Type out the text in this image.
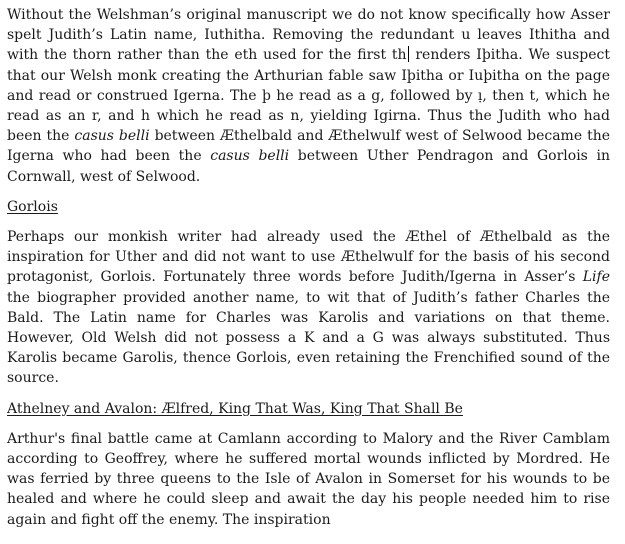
Without the Welshman’s original manuscript we do not know specifically how Asser spelt Judith’s Latin name, Iuthitha. Removing the redundant u leaves Ithitha and with the thorn rather than the eth used for the first th renders Iþitha. We suspect that our Welsh monk creating the Arthurian fable saw Iþitha or Iuþitha on the page and read or construed Igerna. The þ he read as a g, followed by ı̣, then t, which he read as an r, and h which he read as n, yielding Igirna. Thus the Judith who had been the casus belli between Æthelbald and Æthelwulf west of Selwood became the Igerna who had been the casus belli between Uther Pendragon and Gorlois in Cornwall, west of Selwood.

Gorlois

Perhaps our monkish writer had already used the Æthel of Æthelbald as the inspiration for Uther and did not want to use Æthelwulf for the basis of his second protagonist, Gorlois. Fortunately three words before Judith/Igerna in Asser’s Life the biographer provided another name, to wit that of Judith’s father Charles the Bald. The Latin name for Charles was Karolis and variations on that theme. However, Old Welsh did not possess a K and a G was always substituted. Thus Karolis became Garolis, thence Gorlois, even retaining the Frenchified sound of the source.

Athelney and Avalon: Ælfred, King That Was, King That Shall Be

Arthur's final battle came at Camlann according to Malory and the River Camblam according to Geoffrey, where he suffered mortal wounds inflicted by Mordred. He was ferried by three queens to the Isle of Avalon in Somerset for his wounds to be healed and where he could sleep and await the day his people needed him to rise again and fight off the enemy. The inspiration
